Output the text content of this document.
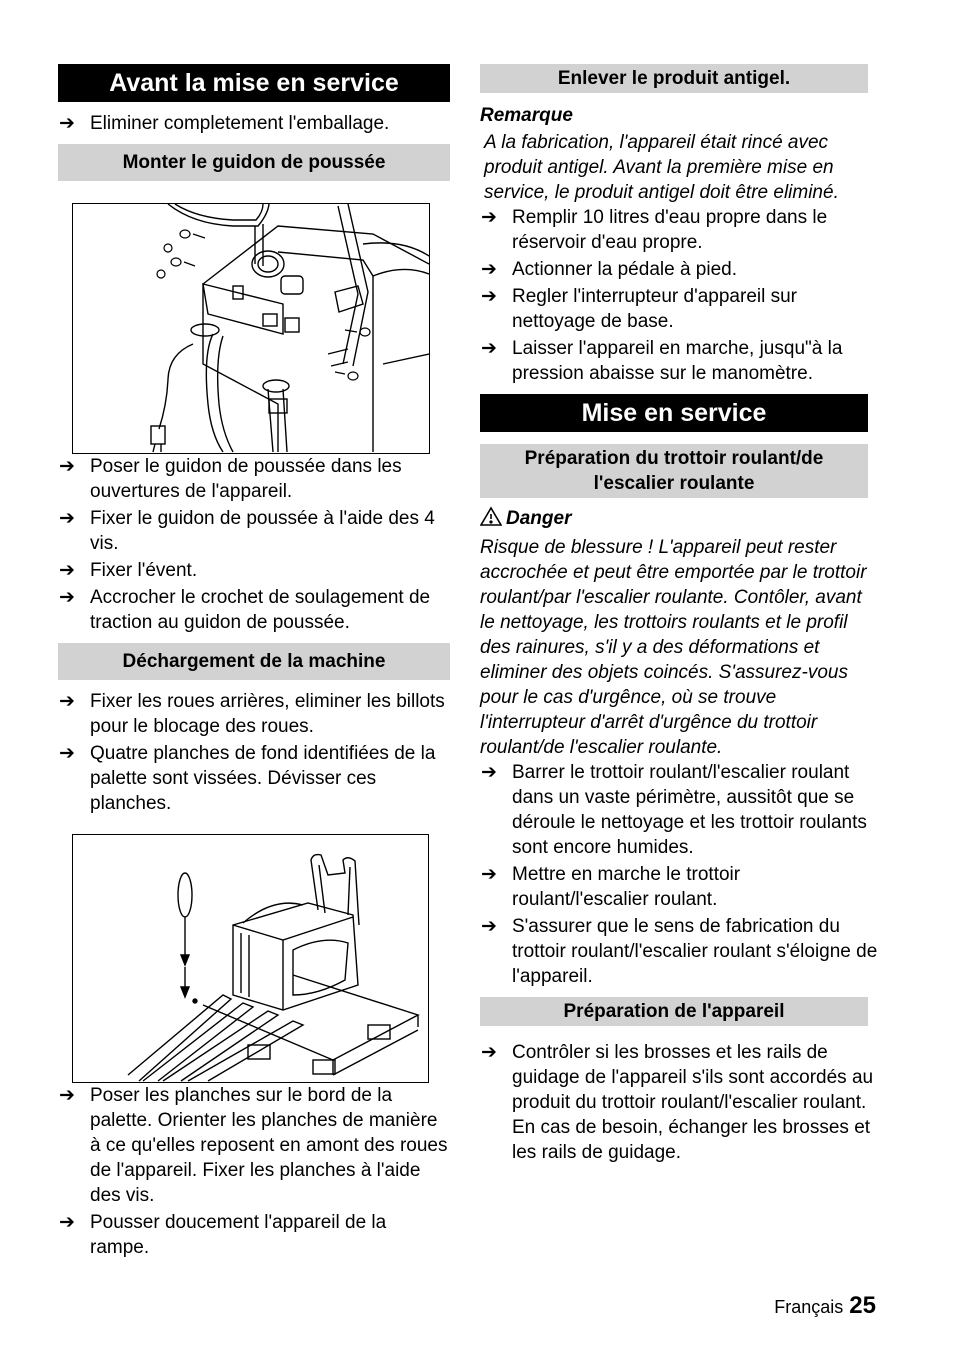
Avant la mise en service

➔ Eliminer completement l'emballage.

Monter le guidon de poussée

➔ Poser le guidon de poussée dans les ouvertures de l'appareil.

➔ Fixer le guidon de poussée à l'aide des 4 vis.

➔ Fixer l'évent.

➔ Accrocher le crochet de soulagement de traction au guidon de poussée.

Déchargement de la machine

➔ Fixer les roues arrières, eliminer les billots pour le blocage des roues.

➔ Quatre planches de fond identifiées de la palette sont vissées. Dévisser ces planches.

➔ Poser les planches sur le bord de la palette. Orienter les planches de manière à ce qu'elles reposent en amont des roues de l'appareil. Fixer les planches à l'aide des vis.

➔ Pousser doucement l'appareil de la rampe.

Enlever le produit antigel.

Remarque

A la fabrication, l'appareil était rincé avec produit antigel. Avant la première mise en service, le produit antigel doit être eliminé.

➔ Remplir 10 litres d'eau propre dans le réservoir d'eau propre.

➔ Actionner la pédale à pied.

➔ Regler l'interrupteur d'appareil sur nettoyage de base.

➔ Laisser l'appareil en marche, jusqu"à la pression abaisse sur le manomètre.

Mise en service
Préparation du trottoir roulant/de l'escalier roulante

Danger

Risque de blessure ! L'appareil peut rester accrochée et peut être emportée par le trottoir roulant/par l'escalier roulante. Contôler, avant le nettoyage, les trottoirs roulants et le profil des rainures, s'il y a des déformations et eliminer des objets coincés. S'assurez-vous pour le cas d'urgênce, où se trouve l'interrupteur d'arrêt d'urgênce du trottoir roulant/de l'escalier roulante.

➔ Barrer le trottoir roulant/l'escalier roulant dans un vaste périmètre, aussitôt que se déroule le nettoyage et les trottoir roulants sont encore humides.

➔ Mettre en marche le trottoir roulant/l'escalier roulant.

➔ S'assurer que le sens de fabrication du trottoir roulant/l'escalier roulant s'éloigne de l'appareil.

Préparation de l'appareil

➔ Contrôler si les brosses et les rails de guidage de l'appareil s'ils sont accordés au produit du trottoir roulant/l'escalier roulant. En cas de besoin, échanger les brosses et les rails de guidage.

Français 25
